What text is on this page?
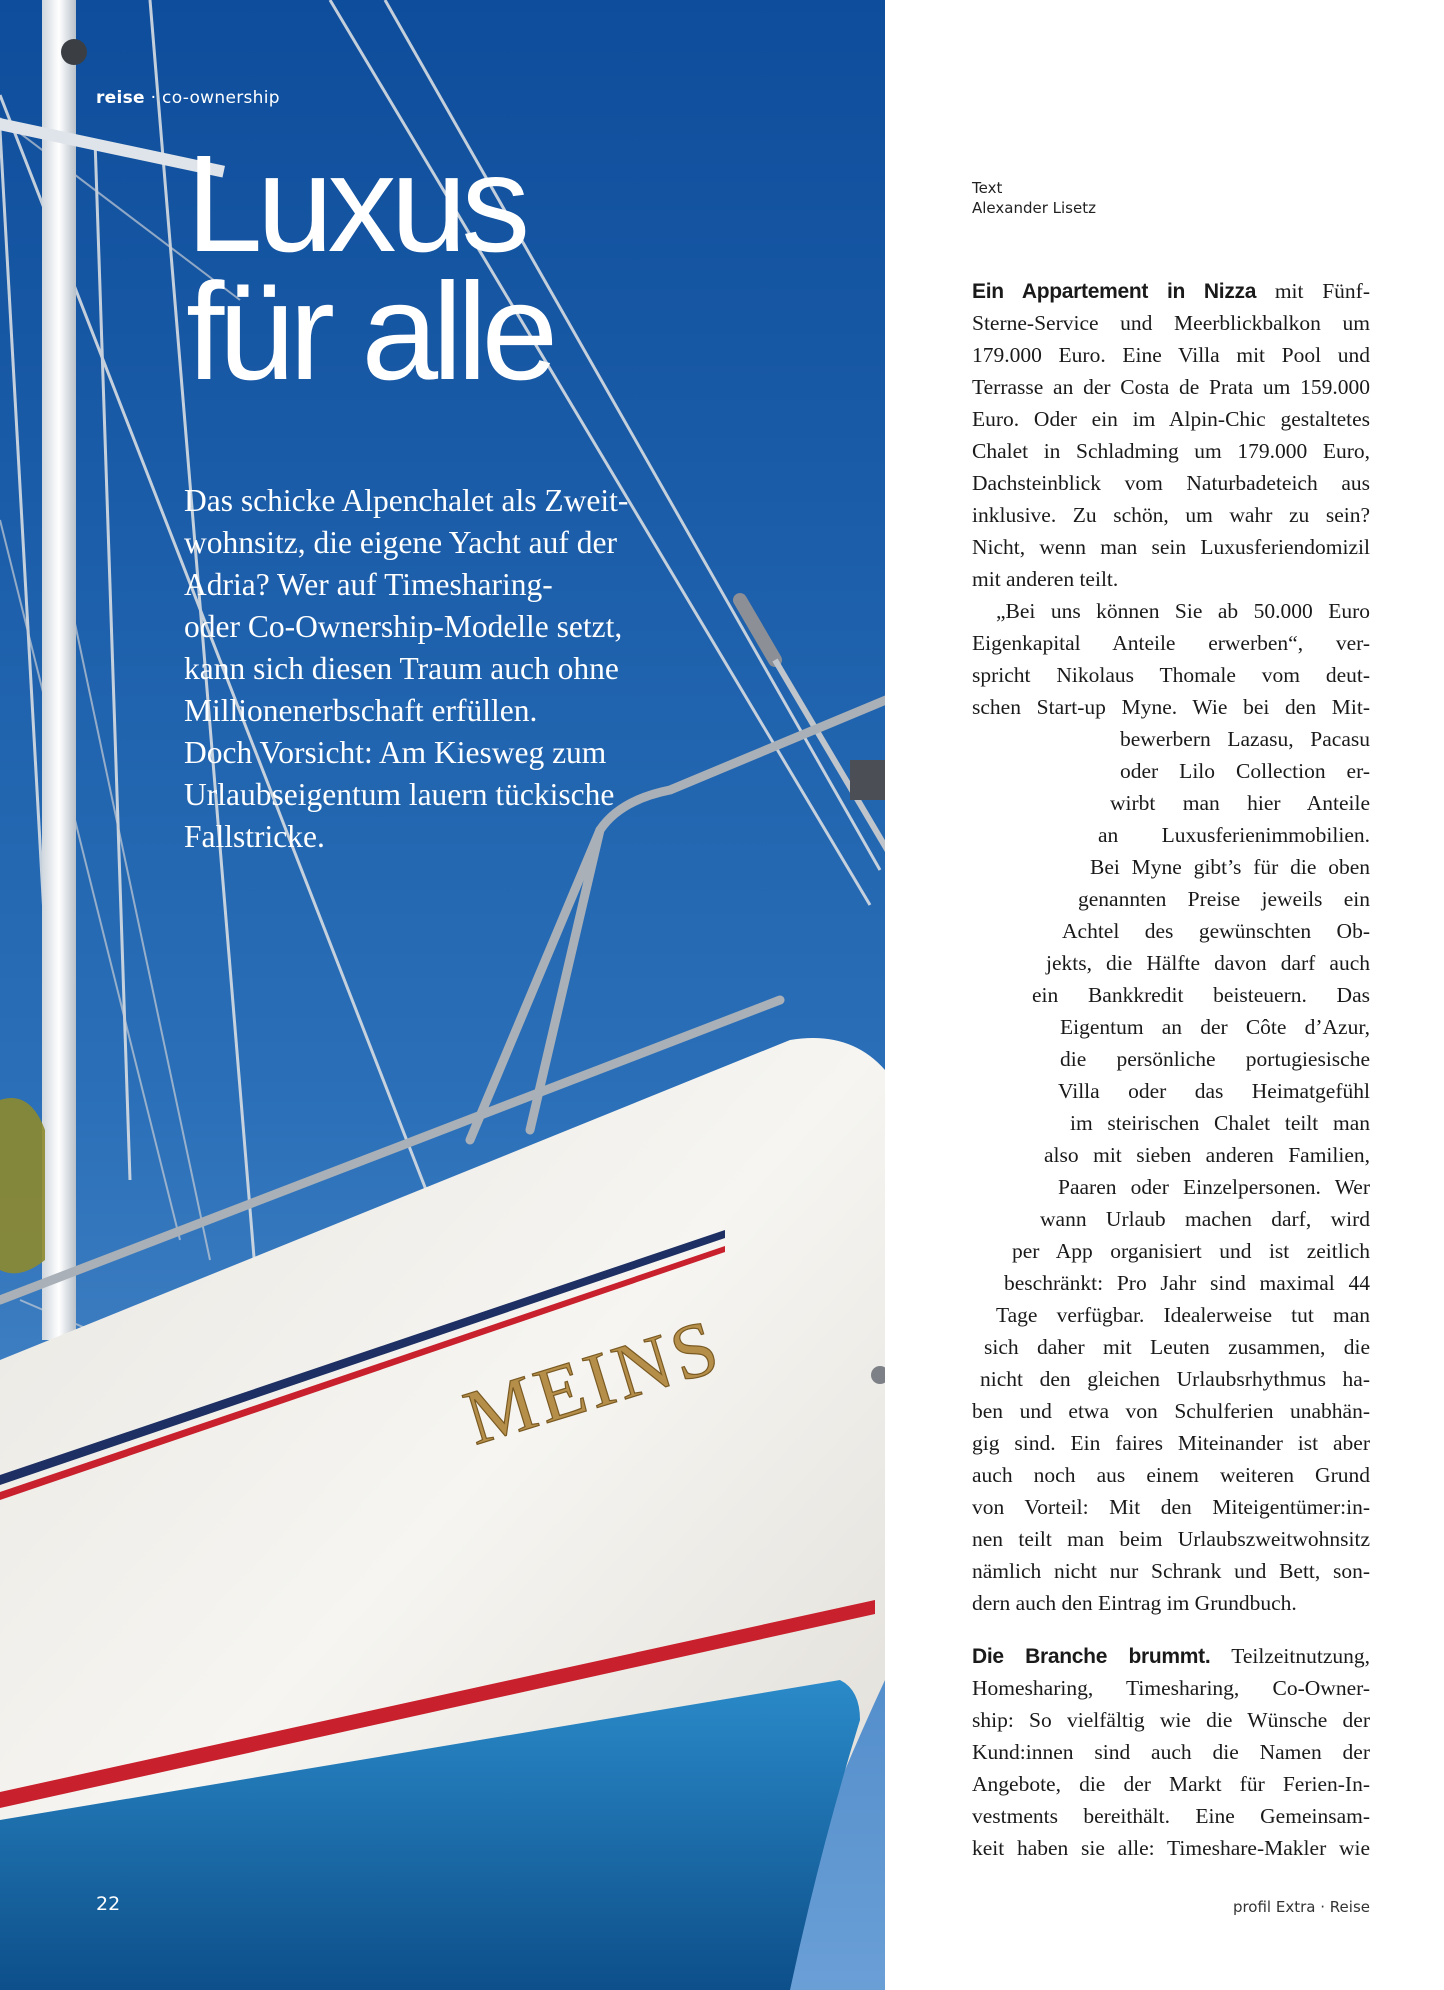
MEINS
reise · co-ownership
Luxus
für alle

Das schicke Alpenchalet als Zweit-
wohnsitz, die eigene Yacht auf der
Adria? Wer auf Timesharing-
oder Co-Ownership-Modelle setzt,
kann sich diesen Traum auch ohne
Millionenerbschaft erfüllen.
Doch Vorsicht: Am Kiesweg zum
Urlaubseigentum lauern tückische
Fallstricke.

22
Text
Alexander Lisetz
Ein Appartement in Nizza mit Fünf-
Sterne-Service und Meerblickbalkon um
179.000 Euro. Eine Villa mit Pool und
Terrasse an der Costa de Prata um 159.000
Euro. Oder ein im Alpin-Chic gestaltetes
Chalet in Schladming um 179.000 Euro,
Dachsteinblick vom Naturbadeteich aus
inklusive. Zu schön, um wahr zu sein?
Nicht, wenn man sein Luxusferiendomizil
mit anderen teilt.
„Bei uns können Sie ab 50.000 Euro
Eigenkapital Anteile erwerben“, ver-
spricht Nikolaus Thomale vom deut-
schen Start-up Myne. Wie bei den Mit-
bewerbern Lazasu, Pacasu
oder Lilo Collection er-
wirbt man hier Anteile
an Luxusferienimmobilien.
Bei Myne gibt’s für die oben
genannten Preise jeweils ein
Achtel des gewünschten Ob-
jekts, die Hälfte davon darf auch
ein Bankkredit beisteuern. Das
Eigentum an der Côte d’Azur,
die persönliche portugiesische
Villa oder das Heimatgefühl
im steirischen Chalet teilt man
also mit sieben anderen Familien,
Paaren oder Einzelpersonen. Wer
wann Urlaub machen darf, wird
per App organisiert und ist zeitlich
beschränkt: Pro Jahr sind maximal 44
Tage verfügbar. Idealerweise tut man
sich daher mit Leuten zusammen, die
nicht den gleichen Urlaubsrhythmus ha-
ben und etwa von Schulferien unabhän-
gig sind. Ein faires Miteinander ist aber
auch noch aus einem weiteren Grund
von Vorteil: Mit den Miteigentümer:in-
nen teilt man beim Urlaubszweitwohnsitz
nämlich nicht nur Schrank und Bett, son-
dern auch den Eintrag im Grundbuch.
Die Branche brummt. Teilzeitnutzung,
Homesharing, Timesharing, Co-Owner-
ship: So vielfältig wie die Wünsche der
Kund:innen sind auch die Namen der
Angebote, die der Markt für Ferien-In-
vestments bereithält. Eine Gemeinsam-
keit haben sie alle: Timeshare-Makler wie
profil Extra · Reise
